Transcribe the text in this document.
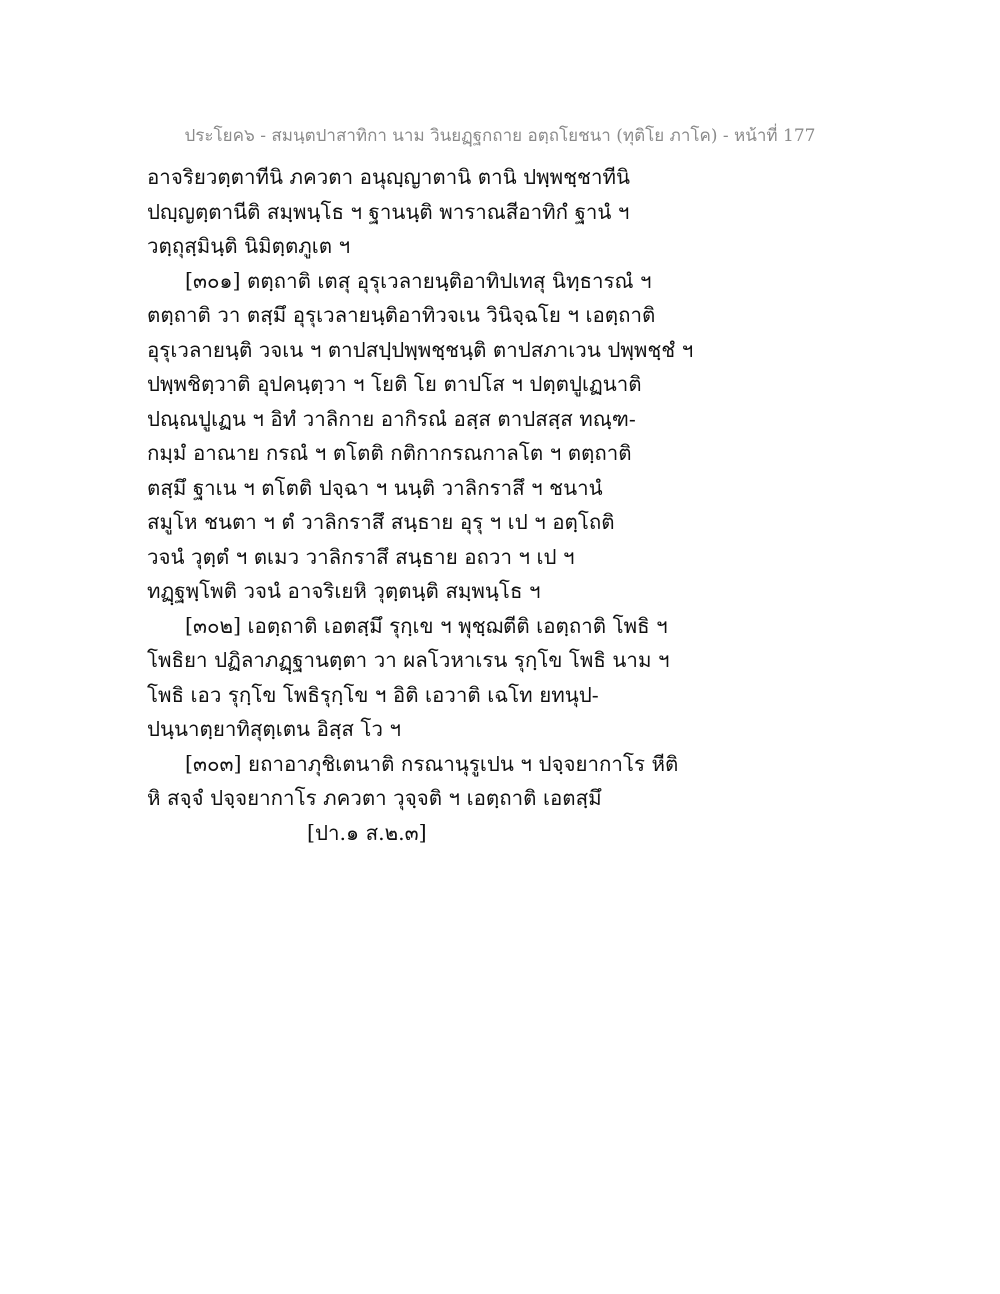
ประโยค๖ - สมนฺตปาสาทิกา นาม วินยฏฺฐกถาย อตฺถโยชนา (ทุติโย ภาโค) - หน้าที่ 177
อาจริยวตฺตาทีนิ ภควตา อนุญฺญาตานิ ตานิ ปพฺพชฺชาทีนิ
ปญฺญตฺตานีติ สมฺพนฺโธ ฯ ฐานนฺติ พาราณสีอาทิกํ ฐานํ ฯ
วตฺถุสฺมินฺติ นิมิตฺตภูเต ฯ
[๓๐๑] ตตฺถาติ เตสุ อุรุเวลายนฺติอาทิปเทสุ นิทฺธารณํ ฯ
ตตฺถาติ วา ตสฺมึ อุรุเวลายนฺติอาทิวจเน วินิจฺฉโย ฯ เอตฺถาติ
อุรุเวลายนฺติ วจเน ฯ ตาปสปฺปพฺพชฺชนฺติ ตาปสภาเวน ปพฺพชฺชํ ฯ
ปพฺพชิตฺวาติ อุปคนฺตฺวา ฯ โยติ โย ตาปโส ฯ ปตฺตปูเฏนาติ
ปณฺณปูเฏน ฯ อิทํ วาลิกาย อากิรณํ อสฺส ตาปสสฺส ทณฺฑ-
กมฺมํ อาณาย กรณํ ฯ ตโตติ กติกากรณกาลโต ฯ ตตฺถาติ
ตสฺมึ ฐาเน ฯ ตโตติ ปจฺฉา ฯ นนฺติ วาลิกราสึ ฯ ชนานํ
สมูโห ชนตา ฯ ตํ วาลิกราสึ สนฺธาย อุรุ ฯ เป ฯ อตฺโถติ
วจนํ วุตฺตํ ฯ ตเมว วาลิกราสึ สนฺธาย อถวา ฯ เป ฯ
ทฏฺฐพฺโพติ วจนํ อาจริเยหิ วุตฺตนฺติ สมฺพนฺโธ ฯ
[๓๐๒] เอตฺถาติ เอตสฺมึ รุกฺเข ฯ พุชฺฌตีติ เอตฺถาติ โพธิ ฯ
โพธิยา ปฏิลาภฏฺฐานตฺตา วา ผลโวหาเรน รุกฺโข โพธิ นาม ฯ
โพธิ เอว รุกฺโข โพธิรุกฺโข ฯ อิติ เอวาติ เฉโท ยทนุป-
ปนฺนาตฺยาทิสุตฺเตน อิสฺส โว ฯ
[๓๐๓] ยถาอาภุชิเตนาติ กรณานุรูเปน ฯ ปจฺจยากาโร หีติ
หิ สจฺจํ ปจฺจยากาโร ภควตา วุจฺจติ ฯ เอตฺถาติ เอตสฺมึ
[ปา.๑ ส.๒.๓]
